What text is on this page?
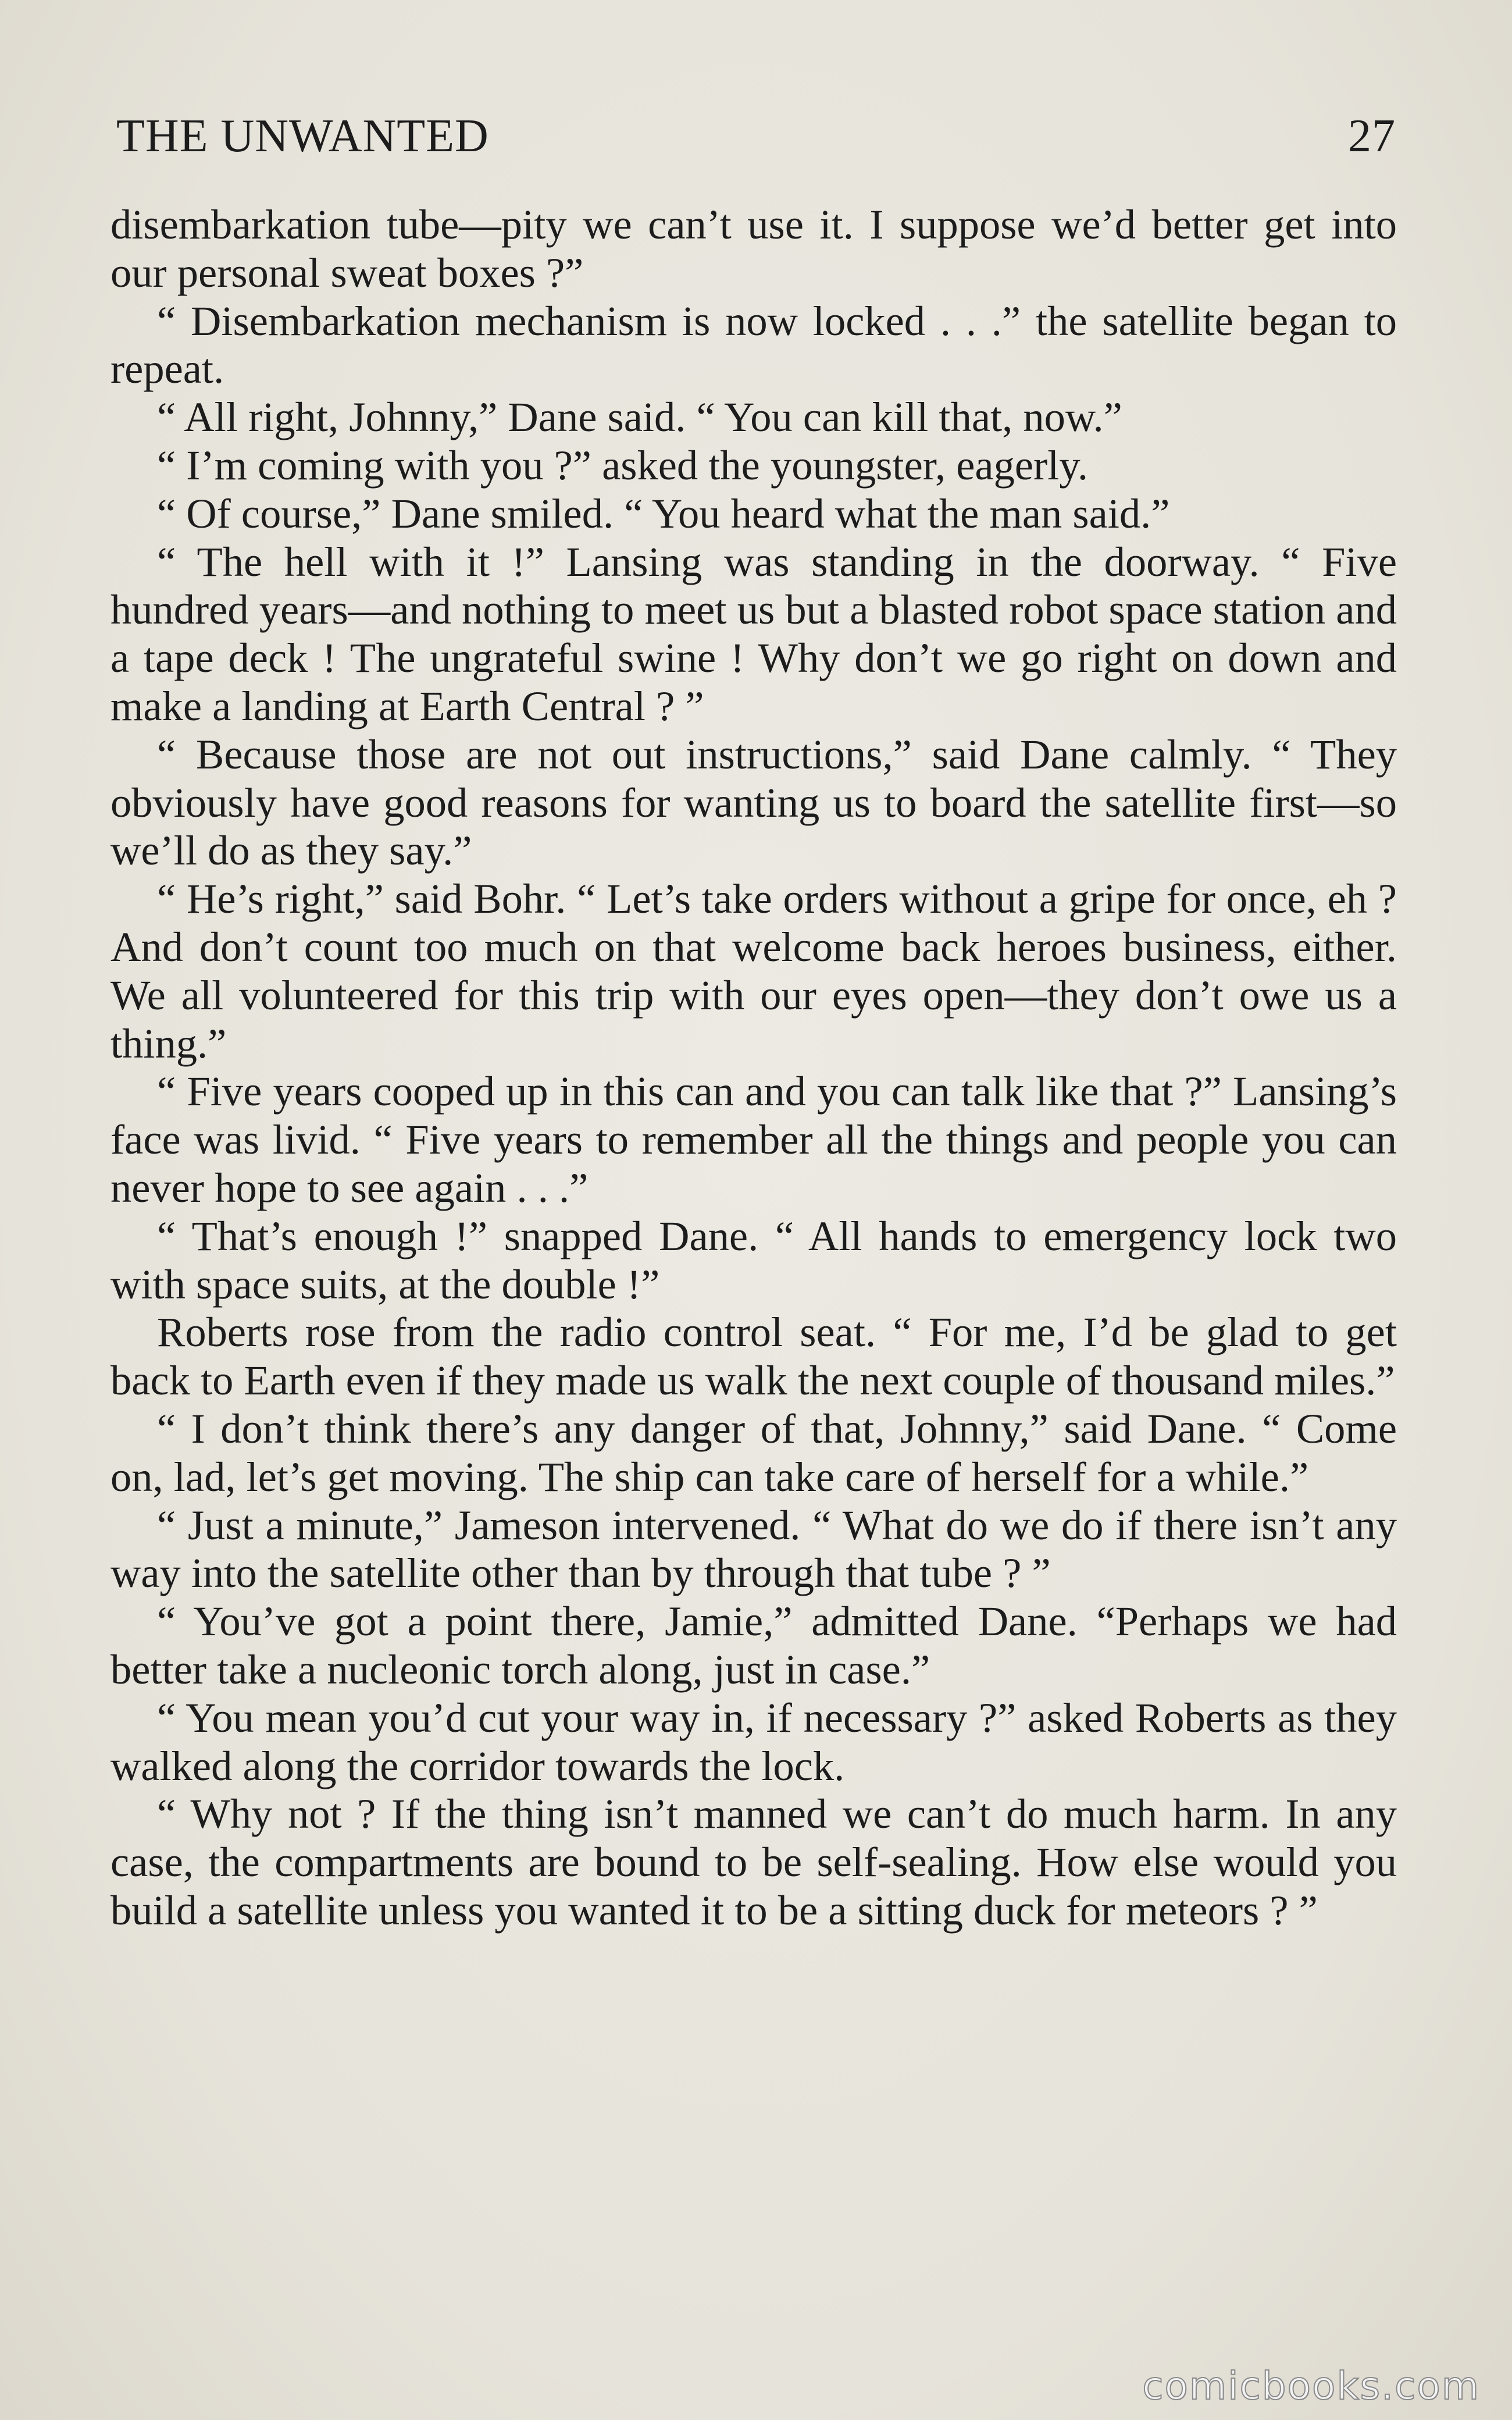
THE UNWANTED	27

disembarkation tube—pity we can’t use it. I suppose we’d better get into our personal sweat boxes ?”

“ Disembarkation mechanism is now locked . . .” the satellite began to repeat.

“ All right, Johnny,” Dane said. “ You can kill that, now.”

“ I’m coming with you ?” asked the youngster, eagerly.

“ Of course,” Dane smiled. “ You heard what the man said.”

“ The hell with it !” Lansing was standing in the doorway. “ Five hundred years—and nothing to meet us but a blasted robot space station and a tape deck ! The ungrateful swine ! Why don’t we go right on down and make a landing at Earth Central ? ”

“ Because those are not out instructions,” said Dane calmly. “ They obviously have good reasons for wanting us to board the satellite first—so we’ll do as they say.”

“ He’s right,” said Bohr. “ Let’s take orders without a gripe for once, eh ? And don’t count too much on that welcome back heroes business, either. We all volunteered for this trip with our eyes open—they don’t owe us a thing.”

“ Five years cooped up in this can and you can talk like that ?” Lansing’s face was livid. “ Five years to remember all the things and people you can never hope to see again . . .”

“ That’s enough !” snapped Dane. “ All hands to emergency lock two with space suits, at the double !”

Roberts rose from the radio control seat. “ For me, I’d be glad to get back to Earth even if they made us walk the next couple of thousand miles.”

“ I don’t think there’s any danger of that, Johnny,” said Dane. “ Come on, lad, let’s get moving. The ship can take care of herself for a while.”

“ Just a minute,” Jameson intervened. “ What do we do if there isn’t any way into the satellite other than by through that tube ? ”

“ You’ve got a point there, Jamie,” admitted Dane. “Perhaps we had better take a nucleonic torch along, just in case.”

“ You mean you’d cut your way in, if necessary ?” asked Roberts as they walked along the corridor towards the lock.

“ Why not ? If the thing isn’t manned we can’t do much harm. In any case, the compartments are bound to be self-sealing. How else would you build a satellite unless you wanted it to be a sitting duck for meteors ? ”

comicbooks.com
